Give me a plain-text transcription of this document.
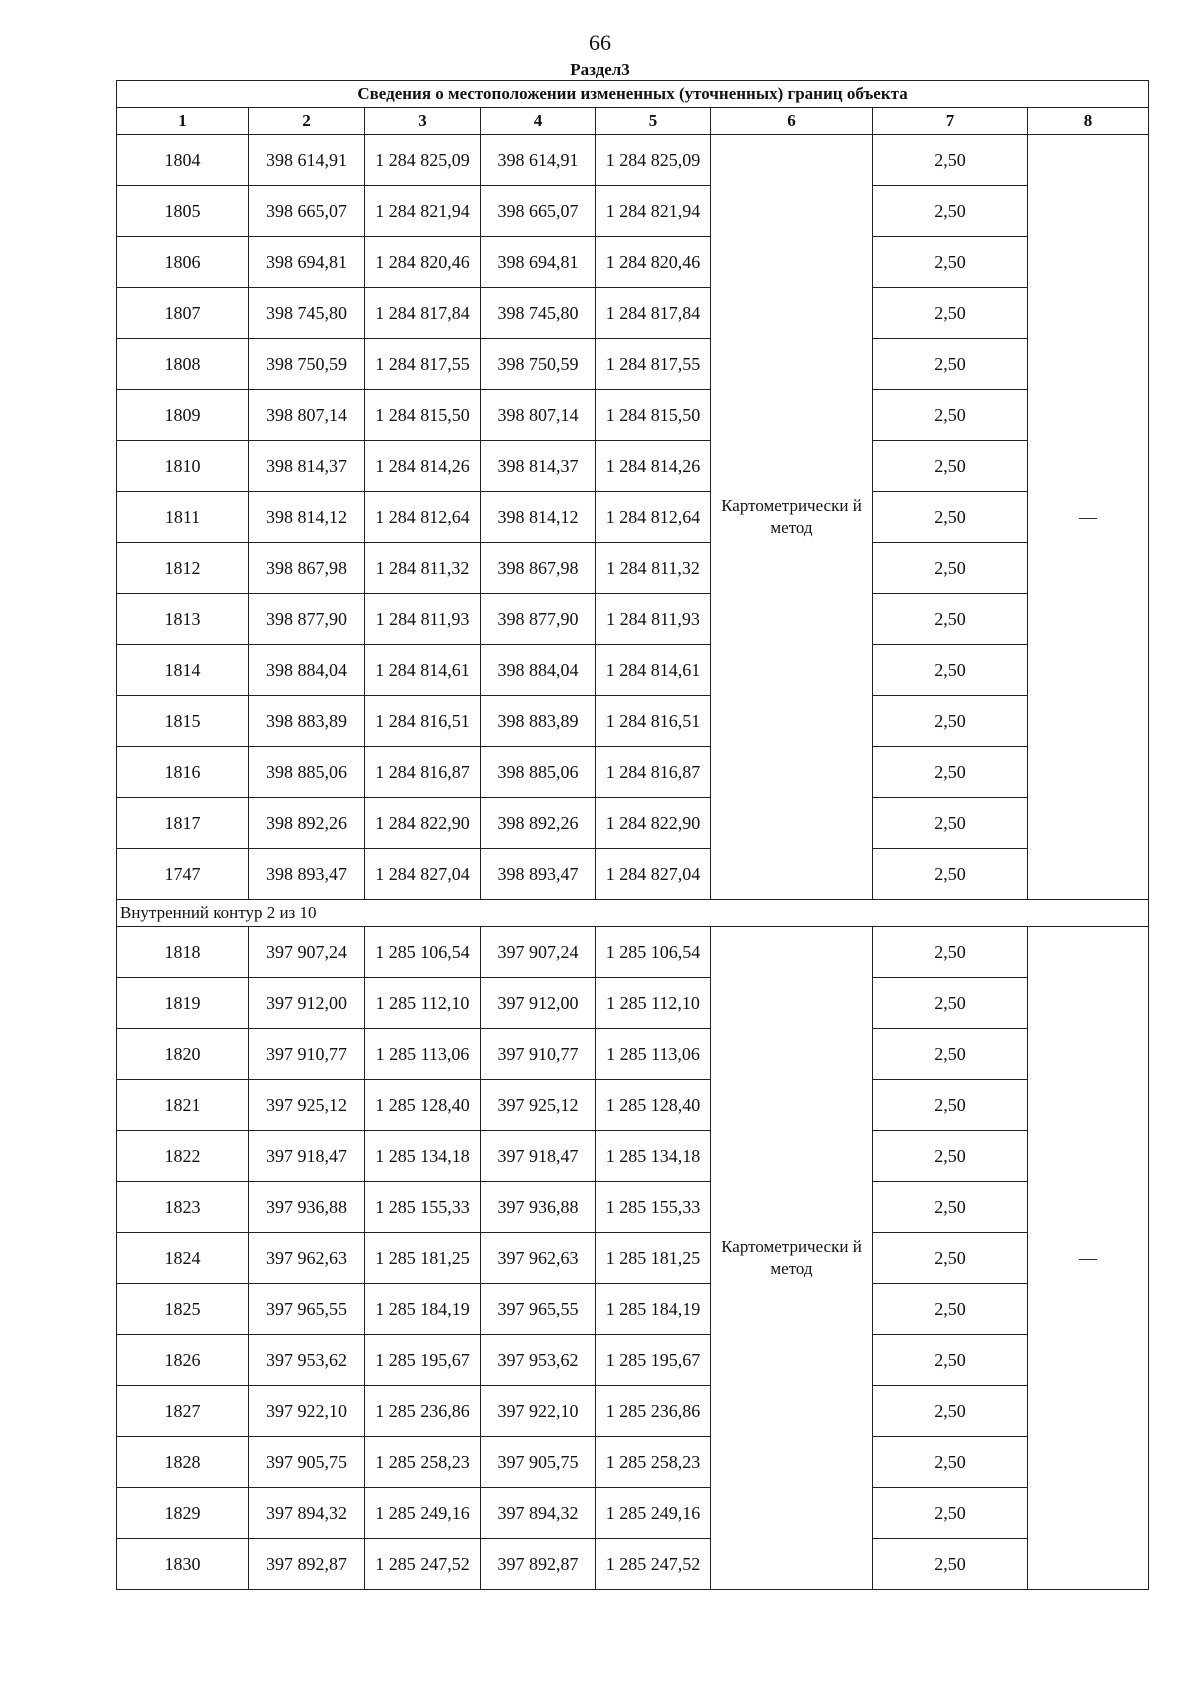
66
Раздел3
Сведения о местоположении измененных (уточненных) границ объекта							
1	2	3	4	5	6	7	8
1804	398 614,91	1 284 825,09	398 614,91	1 284 825,09	Картометрически й метод	2,50	—
1805	398 665,07	1 284 821,94	398 665,07	1 284 821,94		2,50	
1806	398 694,81	1 284 820,46	398 694,81	1 284 820,46		2,50	
1807	398 745,80	1 284 817,84	398 745,80	1 284 817,84		2,50	
1808	398 750,59	1 284 817,55	398 750,59	1 284 817,55		2,50	
1809	398 807,14	1 284 815,50	398 807,14	1 284 815,50		2,50	
1810	398 814,37	1 284 814,26	398 814,37	1 284 814,26		2,50	
1811	398 814,12	1 284 812,64	398 814,12	1 284 812,64		2,50	
1812	398 867,98	1 284 811,32	398 867,98	1 284 811,32		2,50	
1813	398 877,90	1 284 811,93	398 877,90	1 284 811,93		2,50	
1814	398 884,04	1 284 814,61	398 884,04	1 284 814,61		2,50	
1815	398 883,89	1 284 816,51	398 883,89	1 284 816,51		2,50	
1816	398 885,06	1 284 816,87	398 885,06	1 284 816,87		2,50	
1817	398 892,26	1 284 822,90	398 892,26	1 284 822,90		2,50	
1747	398 893,47	1 284 827,04	398 893,47	1 284 827,04		2,50	
Внутренний контур 2 из 10							
1818	397 907,24	1 285 106,54	397 907,24	1 285 106,54	Картометрически й метод	2,50	—
1819	397 912,00	1 285 112,10	397 912,00	1 285 112,10		2,50	
1820	397 910,77	1 285 113,06	397 910,77	1 285 113,06		2,50	
1821	397 925,12	1 285 128,40	397 925,12	1 285 128,40		2,50	
1822	397 918,47	1 285 134,18	397 918,47	1 285 134,18		2,50	
1823	397 936,88	1 285 155,33	397 936,88	1 285 155,33		2,50	
1824	397 962,63	1 285 181,25	397 962,63	1 285 181,25		2,50	
1825	397 965,55	1 285 184,19	397 965,55	1 285 184,19		2,50	
1826	397 953,62	1 285 195,67	397 953,62	1 285 195,67		2,50	
1827	397 922,10	1 285 236,86	397 922,10	1 285 236,86		2,50	
1828	397 905,75	1 285 258,23	397 905,75	1 285 258,23		2,50	
1829	397 894,32	1 285 249,16	397 894,32	1 285 249,16		2,50	
1830	397 892,87	1 285 247,52	397 892,87	1 285 247,52		2,50	
